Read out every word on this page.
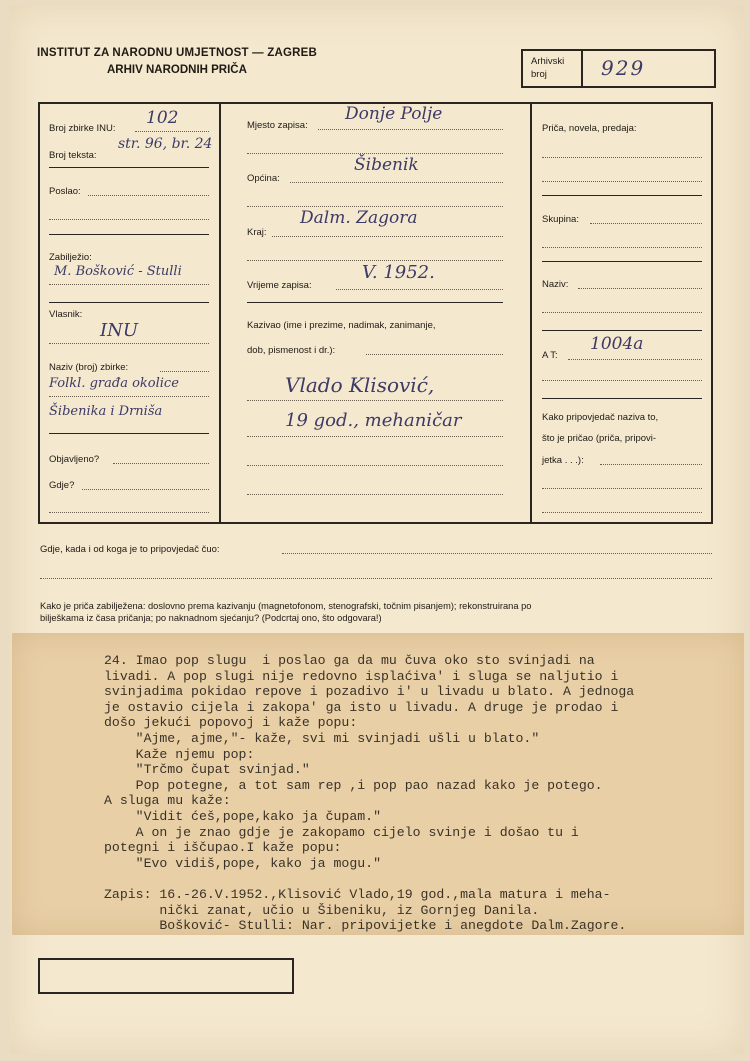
INSTITUT ZA NARODNU UMJETNOST — ZAGREB
ARHIV NARODNIH PRIČA
Arhivski
broj	929
Broj zbirke INU:
102
Broj teksta:
str. 96, br. 24
Poslao:
Zabilježio:
M. Bošković - Stulli
Vlasnik:
INU
Naziv (broj) zbirke:
Folkl. građa okolice
Šibenika i Drniša
Objavljeno?
Gdje?
Mjesto zapisa:
Donje Polje
Šibenik
Općina:
Kraj:
Dalm. Zagora
Vrijeme zapisa:
V. 1952.
Kazivao (ime i prezime, nadimak, zanimanje,
dob, pismenost i dr.):
Vlado Klisović,
19 god., mehaničar
Priča, novela, predaja:
Skupina:
Naziv:
A T:
1004a
Kako pripovjedač naziva to,
što je pričao (priča, pripovi-
jetka . . .):
Gdje, kada i od koga je to pripovjedač čuo:
Kako je priča zabilježena: doslovno prema kazivanju (magnetofonom, stenografski, točnim pisanjem); rekonstruirana po
bilješkama iz časa pričanja; po naknadnom sjećanju? (Podcrtaj ono, što odgovara!)
24. Imao pop slugu  i poslao ga da mu čuva oko sto svinjadi na
livadi. A pop slugi nije redovno isplaćiva' i sluga se naljutio i
svinjadima pokidao repove i pozadivo i' u livadu u blato. A jednoga
je ostavio cijela i zakopa' ga isto u livadu. A druge je prodao i
došo jekući popovoj i kaže popu:
"Ajme, ajme,"- kaže, svi mi svinjadi ušli u blato."
Kaže njemu pop:
"Trčmo čupat svinjad."
Pop potegne, a tot sam rep ,i pop pao nazad kako je potego.
A sluga mu kaže:
"Vidit ćeš,pope,kako ja čupam."
A on je znao gdje je zakopamo cijelo svinje i došao tu i
potegni i iščupao.I kaže popu:
"Evo vidiš,pope, kako ja mogu."

Zapis: 16.-26.V.1952.,Klisović Vlado,19 god.,mala matura i meha-
nički zanat, učio u Šibeniku, iz Gornjeg Danila.
Bošković- Stulli: Nar. pripovijetke i anegdote Dalm.Zagore.
